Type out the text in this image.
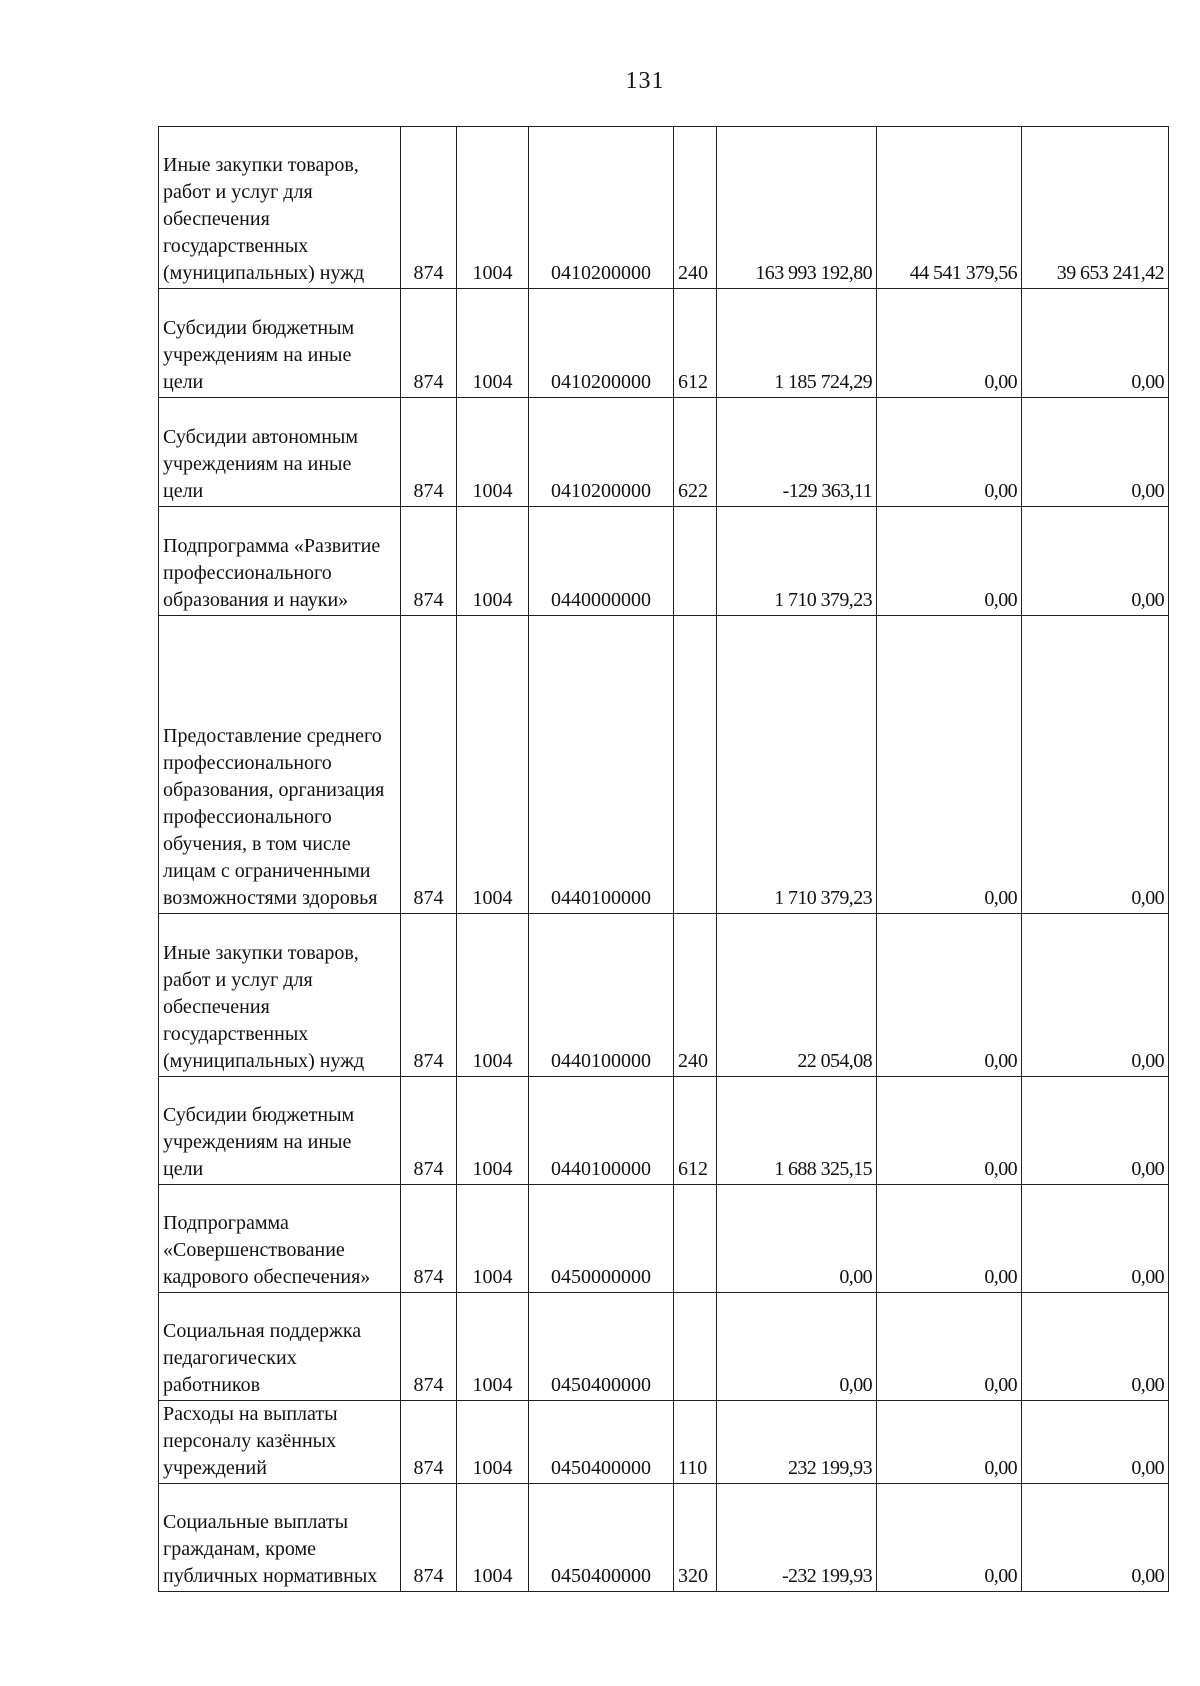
131
Иные закупки товаров, работ и услуг для обеспечения государственных (муниципальных) нужд	874	1004	0410200000	240	163 993 192,80	44 541 379,56	39 653 241,42
Субсидии бюджетным учреждениям на иные цели	874	1004	0410200000	612	1 185 724,29	0,00	0,00
Субсидии автономным учреждениям на иные цели	874	1004	0410200000	622	-129 363,11	0,00	0,00
Подпрограмма «Развитие профессионального образования и науки»	874	1004	0440000000		1 710 379,23	0,00	0,00
Предоставление среднего профессионального образования, организация профессионального обучения, в том числе лицам с ограниченными возможностями здоровья	874	1004	0440100000		1 710 379,23	0,00	0,00
Иные закупки товаров, работ и услуг для обеспечения государственных (муниципальных) нужд	874	1004	0440100000	240	22 054,08	0,00	0,00
Субсидии бюджетным учреждениям на иные цели	874	1004	0440100000	612	1 688 325,15	0,00	0,00
Подпрограмма «Совершенствование кадрового обеспечения»	874	1004	0450000000		0,00	0,00	0,00
Социальная поддержка педагогических работников	874	1004	0450400000		0,00	0,00	0,00
Расходы на выплаты персоналу казённых учреждений	874	1004	0450400000	110	232 199,93	0,00	0,00
Социальные выплаты гражданам, кроме публичных нормативных	874	1004	0450400000	320	-232 199,93	0,00	0,00
